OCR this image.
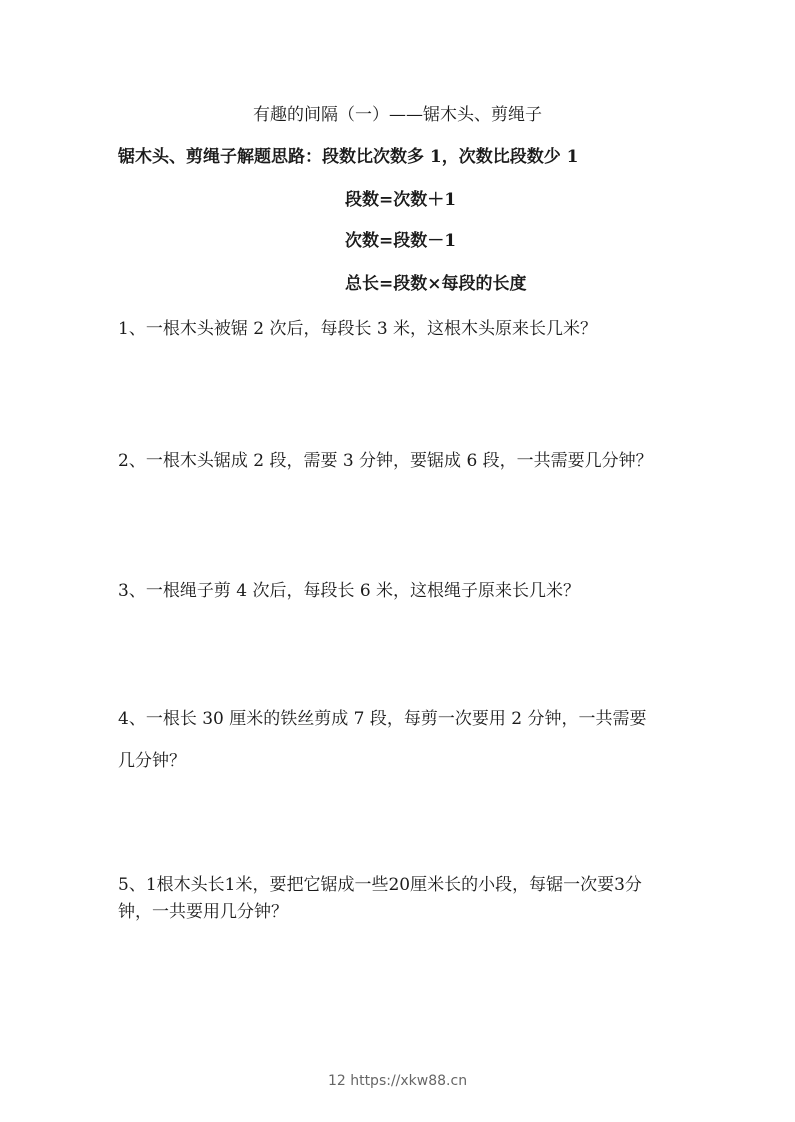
有趣的间隔（一）——锯木头、剪绳子
锯木头、剪绳子解题思路：段数比次数多 1，次数比段数少 1
段数=次数＋1
次数=段数－1
总长=段数×每段的长度
1、一根木头被锯 2 次后，每段长 3 米，这根木头原来长几米？
2、一根木头锯成 2 段，需要 3 分钟，要锯成 6 段，一共需要几分钟？
3、一根绳子剪 4 次后，每段长 6 米，这根绳子原来长几米？
4、一根长 30 厘米的铁丝剪成 7 段，每剪一次要用 2 分钟，一共需要
几分钟？
5、1根木头长1米，要把它锯成一些20厘米长的小段，每锯一次要3分
钟，一共要用几分钟？
12 https://xkw88.cn
